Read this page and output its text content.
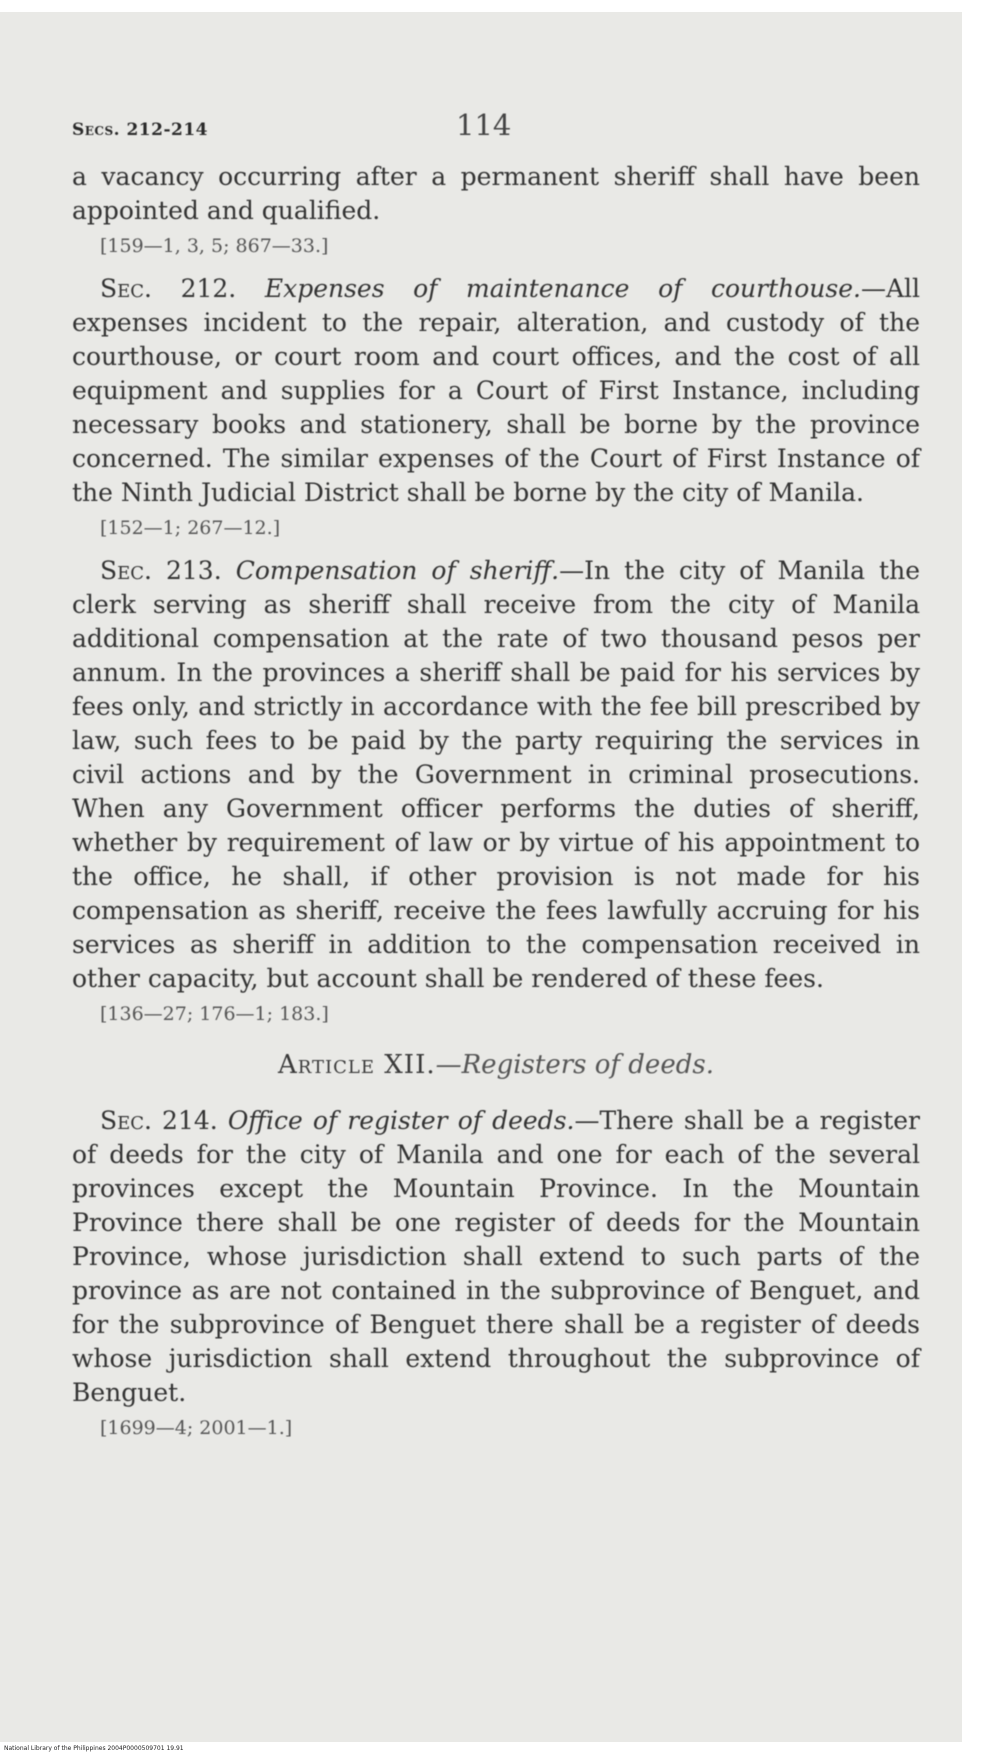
Secs. 212-214	114

a vacancy occurring after a permanent sheriff shall have been appointed and qualified.

[159—1, 3, 5; 867—33.]

Sec. 212. Expenses of maintenance of courthouse.—All expenses incident to the repair, alteration, and custody of the courthouse, or court room and court offices, and the cost of all equipment and supplies for a Court of First Instance, including necessary books and stationery, shall be borne by the province concerned. The similar expenses of the Court of First Instance of the Ninth Judicial District shall be borne by the city of Manila.

[152—1; 267—12.]

Sec. 213. Compensation of sheriff.—In the city of Manila the clerk serving as sheriff shall receive from the city of Manila additional compensation at the rate of two thousand pesos per annum. In the provinces a sheriff shall be paid for his services by fees only, and strictly in accordance with the fee bill prescribed by law, such fees to be paid by the party requiring the services in civil actions and by the Government in criminal prosecutions. When any Government officer performs the duties of sheriff, whether by requirement of law or by virtue of his appointment to the office, he shall, if other provision is not made for his compensation as sheriff, receive the fees lawfully accruing for his services as sheriff in addition to the compensation received in other capacity, but account shall be rendered of these fees.

[136—27; 176—1; 183.]

Article XII.—Registers of deeds.

Sec. 214. Office of register of deeds.—There shall be a register of deeds for the city of Manila and one for each of the several provinces except the Mountain Province. In the Mountain Province there shall be one register of deeds for the Mountain Province, whose jurisdiction shall extend to such parts of the province as are not contained in the subprovince of Benguet, and for the subprovince of Benguet there shall be a register of deeds whose jurisdiction shall extend throughout the subprovince of Benguet.

[1699—4; 2001—1.]

National Library of the Philippines 2004P0000509701 19.91
